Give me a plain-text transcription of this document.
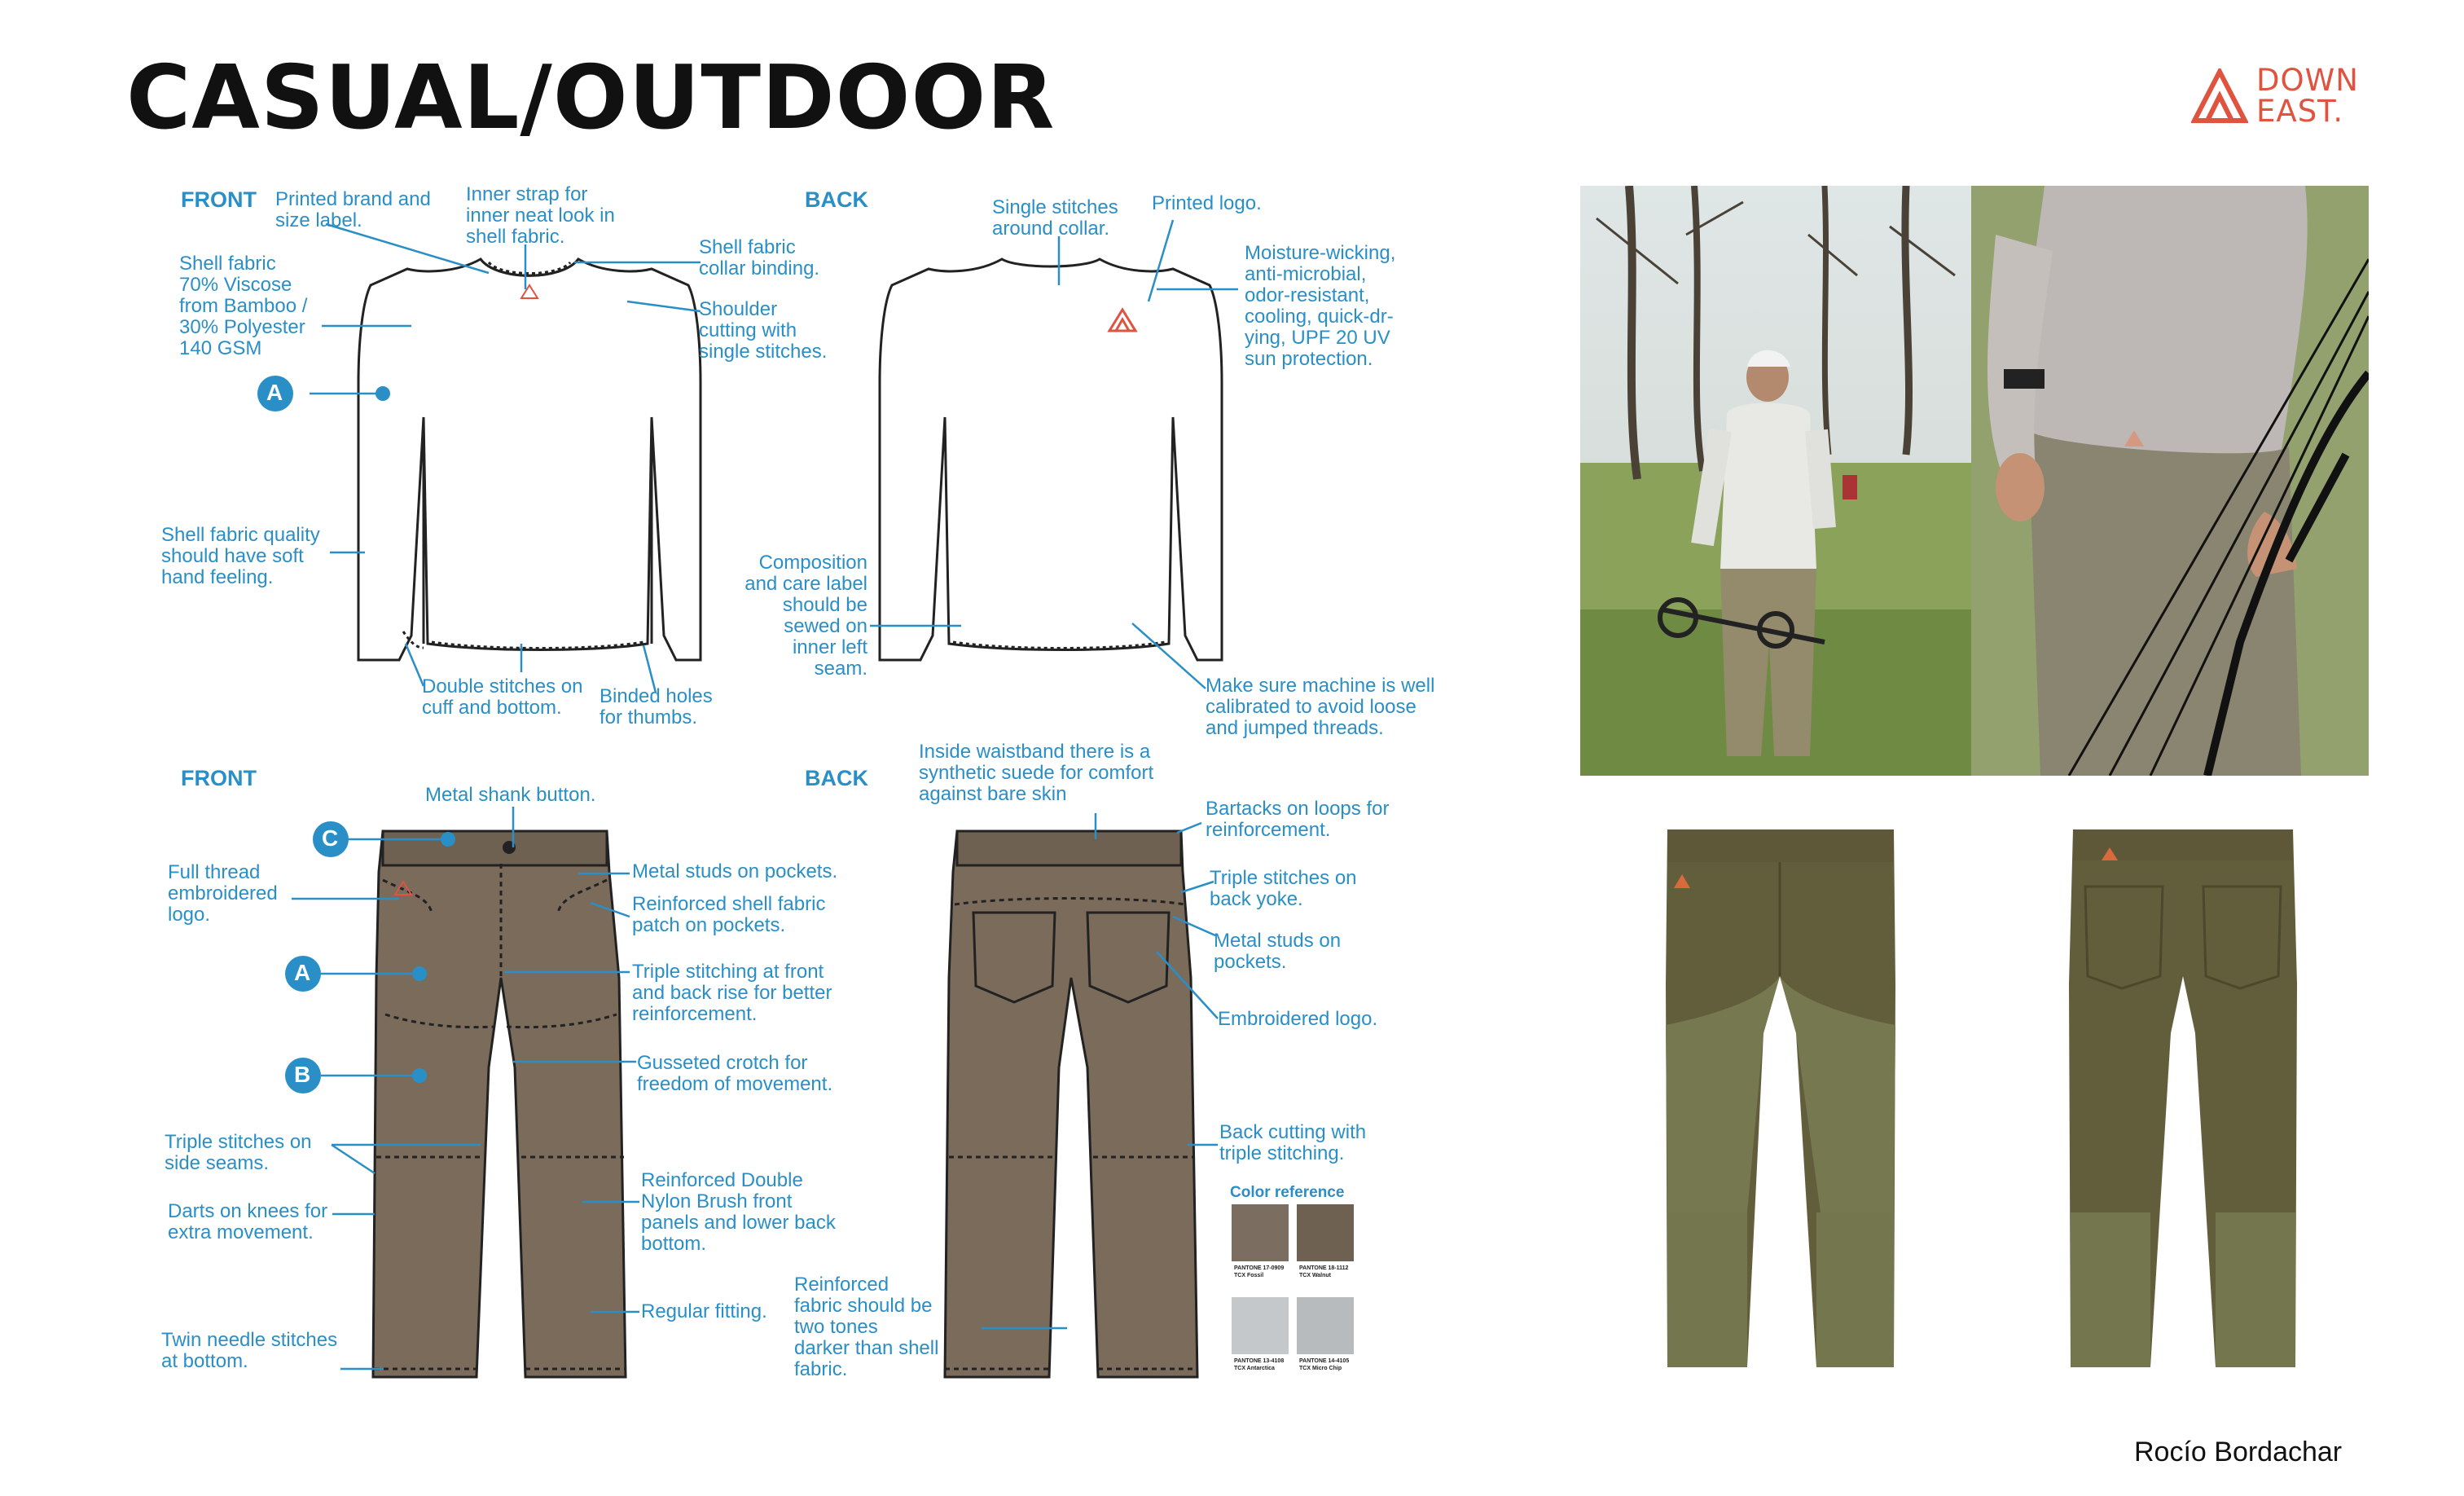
CASUAL/OUTDOOR	DOWN
EAST.
FRONT	BACK
FRONT	BACK
A
C
A
B
Printed brand and
size label.
Inner strap for
inner neat look in
shell fabric.
Shell fabric
70% Viscose
from Bamboo /
30% Polyester
140 GSM
Shell fabric
collar binding.
Shoulder
cutting with
single stitches.
Shell fabric quality
should have soft
hand feeling.
Double stitches on
cuff and bottom.
Binded holes
for thumbs.
Single stitches
around collar.
Printed logo.
Moisture-wicking,
anti-microbial,
odor-resistant,
cooling, quick-dr-
ying, UPF 20 UV
sun protection.
Composition
and care label
should be
sewed on
inner left
seam.
Make sure machine is well
calibrated to avoid loose
and jumped threads.
Metal shank button.
Full thread
embroidered
logo.
Metal studs on pockets.
Reinforced shell fabric
patch on pockets.
Triple stitching at front
and back rise for better
reinforcement.
Gusseted crotch for
freedom of movement.
Triple stitches on
side seams.
Reinforced Double
Nylon Brush front
panels and lower back
bottom.
Darts on knees for
extra movement.
Regular fitting.
Twin needle stitches
at bottom.
Inside waistband there is a
synthetic suede for comfort
against bare skin
Bartacks on loops for
reinforcement.
Triple stitches on
back yoke.
Metal studs on
pockets.
Embroidered logo.
Back cutting with
triple stitching.
Reinforced
fabric should be
two tones
darker than shell
fabric.
Color reference
PANTONE 17-0909 TCX Fossil
PANTONE 18-1112 TCX Walnut
PANTONE 13-4108 TCX Antarctica
PANTONE 14-4105 TCX Micro Chip
Rocío Bordachar
